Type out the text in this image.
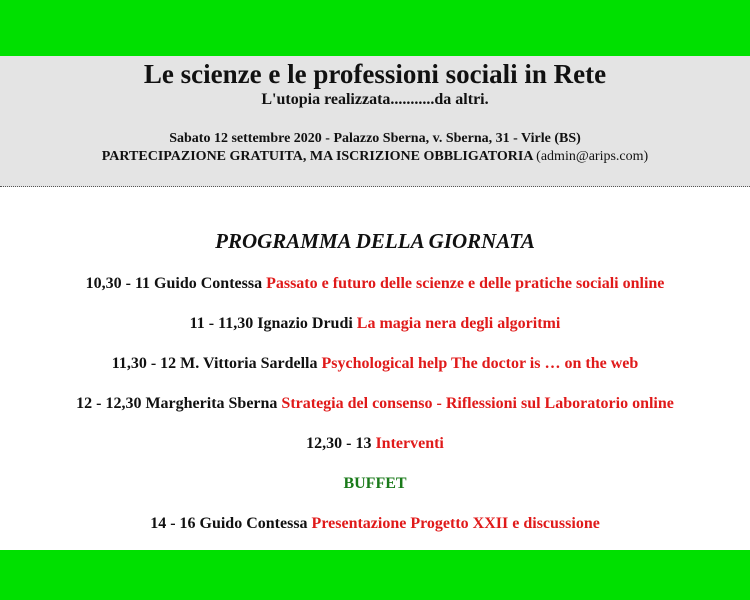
Le scienze e le professioni sociali in Rete
L'utopia realizzata...........da altri.
Sabato 12 settembre 2020 - Palazzo Sberna, v. Sberna, 31 - Virle (BS)
PARTECIPAZIONE GRATUITA, MA ISCRIZIONE OBBLIGATORIA (admin@arips.com)
PROGRAMMA DELLA GIORNATA
10,30 - 11 Guido Contessa Passato e futuro delle scienze e delle pratiche sociali online
11 - 11,30 Ignazio Drudi La magia nera degli algoritmi
11,30 - 12 M. Vittoria Sardella Psychological help The doctor is … on the web
12 - 12,30 Margherita Sberna Strategia del consenso - Riflessioni sul Laboratorio online
12,30 - 13 Interventi
BUFFET
14 - 16 Guido Contessa Presentazione Progetto XXII e discussione
